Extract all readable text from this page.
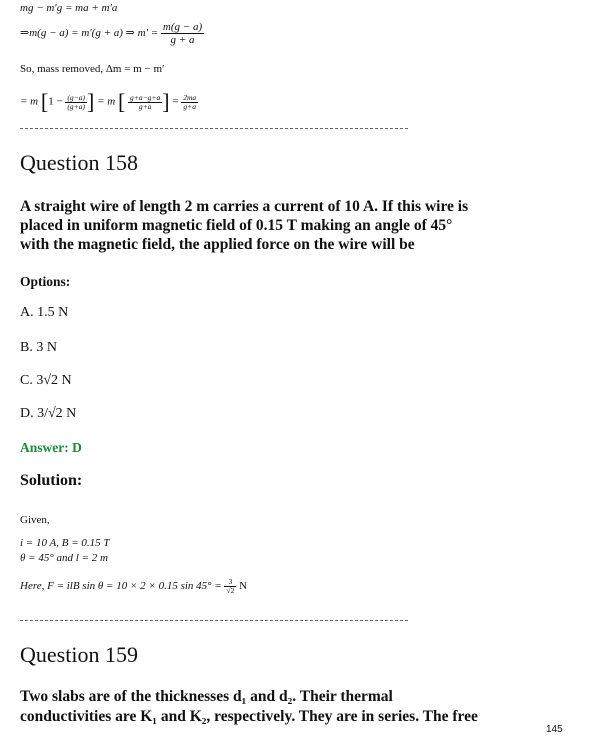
mg − m′g = ma + m′a
⇒m(g − a) = m′(g + a) ⇒ $m' = \frac{m(g - a)}{g + a}$
So, mass removed, Δm = m − m′
= m [$1 - \frac{(g-a)}{(g+a)}$ ] = m [ $\frac{g+a-g+a}{g+a}$ ] = $\frac{2ma}{g+a}$
Question 158
A straight wire of length 2 m carries a current of 10 A. If this wire is
placed in uniform magnetic field of 0.15 T making an angle of 45°
with the magnetic field, the applied force on the wire will be
Options:
A. 1.5 N
B. 3 N
C. 3√2 N
D. 3/√2 N
Answer: D
Solution:
Given,
i = 10 A, B = 0.15 T
θ = 45° and l = 2 m
Here, F = ilB sin θ = 10 × 2 × 0.15 $\sin 45^\circ = \frac{3}{√2}$ N
Question 159
Two slabs are of the thicknesses d₁ and d₂. Their thermal
conductivities are K₁ and K₂, respectively. They are in series. The free
145
